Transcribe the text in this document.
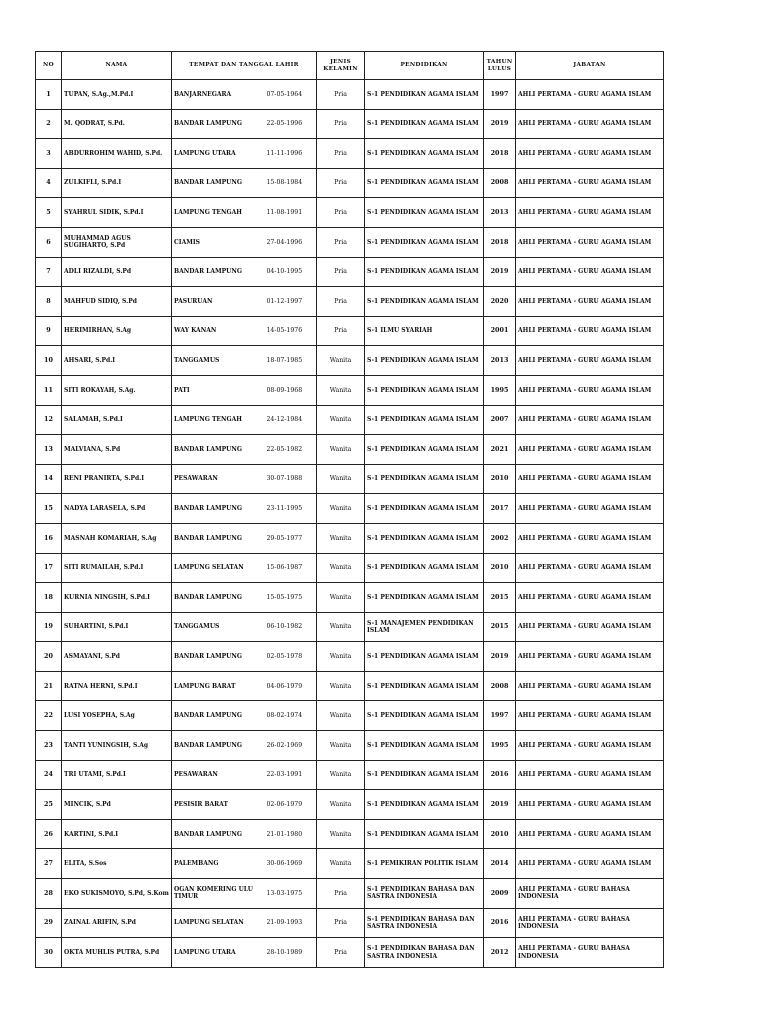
NO	NAMA	TEMPAT DAN TANGGAL LAHIR		JENIS KELAMIN	PENDIDIKAN	TAHUN LULUS	JABATAN
1	TUPAN, S.Ag.,M.Pd.I	BANJARNEGARA	07-05-1964	Pria	S-1 PENDIDIKAN AGAMA ISLAM	1997	AHLI PERTAMA - GURU AGAMA ISLAM
2	M. QODRAT, S.Pd.	BANDAR LAMPUNG	22-05-1996	Pria	S-1 PENDIDIKAN AGAMA ISLAM	2019	AHLI PERTAMA - GURU AGAMA ISLAM
3	ABDURROHIM WAHID, S.Pd.	LAMPUNG UTARA	11-11-1996	Pria	S-1 PENDIDIKAN AGAMA ISLAM	2018	AHLI PERTAMA - GURU AGAMA ISLAM
4	ZULKIFLI, S.Pd.I	BANDAR LAMPUNG	15-08-1984	Pria	S-1 PENDIDIKAN AGAMA ISLAM	2008	AHLI PERTAMA - GURU AGAMA ISLAM
5	SYAHRUL SIDIK, S.Pd.I	LAMPUNG TENGAH	11-08-1991	Pria	S-1 PENDIDIKAN AGAMA ISLAM	2013	AHLI PERTAMA - GURU AGAMA ISLAM
6	MUHAMMAD AGUS SUGIHARTO, S.Pd	CIAMIS	27-04-1996	Pria	S-1 PENDIDIKAN AGAMA ISLAM	2018	AHLI PERTAMA - GURU AGAMA ISLAM
7	ADLI RIZALDI, S.Pd	BANDAR LAMPUNG	04-10-1995	Pria	S-1 PENDIDIKAN AGAMA ISLAM	2019	AHLI PERTAMA - GURU AGAMA ISLAM
8	MAHFUD SIDIQ, S.Pd	PASURUAN	01-12-1997	Pria	S-1 PENDIDIKAN AGAMA ISLAM	2020	AHLI PERTAMA - GURU AGAMA ISLAM
9	HERIMIRHAN, S.Ag	WAY KANAN	14-05-1976	Pria	S-1 ILMU SYARIAH	2001	AHLI PERTAMA - GURU AGAMA ISLAM
10	AHSARI, S.Pd.I	TANGGAMUS	18-07-1985	Wanita	S-1 PENDIDIKAN AGAMA ISLAM	2013	AHLI PERTAMA - GURU AGAMA ISLAM
11	SITI ROKAYAH, S.Ag.	PATI	08-09-1968	Wanita	S-1 PENDIDIKAN AGAMA ISLAM	1995	AHLI PERTAMA - GURU AGAMA ISLAM
12	SALAMAH, S.Pd.I	LAMPUNG TENGAH	24-12-1984	Wanita	S-1 PENDIDIKAN AGAMA ISLAM	2007	AHLI PERTAMA - GURU AGAMA ISLAM
13	MALVIANA, S.Pd	BANDAR LAMPUNG	22-05-1982	Wanita	S-1 PENDIDIKAN AGAMA ISLAM	2021	AHLI PERTAMA - GURU AGAMA ISLAM
14	RENI PRANIRTA, S.Pd.I	PESAWARAN	30-07-1988	Wanita	S-1 PENDIDIKAN AGAMA ISLAM	2010	AHLI PERTAMA - GURU AGAMA ISLAM
15	NADYA LARASELA, S.Pd	BANDAR LAMPUNG	23-11-1995	Wanita	S-1 PENDIDIKAN AGAMA ISLAM	2017	AHLI PERTAMA - GURU AGAMA ISLAM
16	MASNAH KOMARIAH, S.Ag	BANDAR LAMPUNG	29-05-1977	Wanita	S-1 PENDIDIKAN AGAMA ISLAM	2002	AHLI PERTAMA - GURU AGAMA ISLAM
17	SITI RUMAILAH, S.Pd.I	LAMPUNG SELATAN	15-06-1987	Wanita	S-1 PENDIDIKAN AGAMA ISLAM	2010	AHLI PERTAMA - GURU AGAMA ISLAM
18	KURNIA NINGSIH, S.Pd.I	BANDAR LAMPUNG	15-05-1975	Wanita	S-1 PENDIDIKAN AGAMA ISLAM	2015	AHLI PERTAMA - GURU AGAMA ISLAM
19	SUHARTINI, S.Pd.I	TANGGAMUS	06-10-1982	Wanita	S-1 MANAJEMEN PENDIDIKAN ISLAM	2015	AHLI PERTAMA - GURU AGAMA ISLAM
20	ASMAYANI, S.Pd	BANDAR LAMPUNG	02-05-1978	Wanita	S-1 PENDIDIKAN AGAMA ISLAM	2019	AHLI PERTAMA - GURU AGAMA ISLAM
21	RATNA HERNI, S.Pd.I	LAMPUNG BARAT	04-06-1979	Wanita	S-1 PENDIDIKAN AGAMA ISLAM	2008	AHLI PERTAMA - GURU AGAMA ISLAM
22	LUSI YOSEPHA, S.Ag	BANDAR LAMPUNG	08-02-1974	Wanita	S-1 PENDIDIKAN AGAMA ISLAM	1997	AHLI PERTAMA - GURU AGAMA ISLAM
23	TANTI YUNINGSIH, S.Ag	BANDAR LAMPUNG	26-02-1969	Wanita	S-1 PENDIDIKAN AGAMA ISLAM	1995	AHLI PERTAMA - GURU AGAMA ISLAM
24	TRI UTAMI, S.Pd.I	PESAWARAN	22-03-1991	Wanita	S-1 PENDIDIKAN AGAMA ISLAM	2016	AHLI PERTAMA - GURU AGAMA ISLAM
25	MINCIK, S.Pd	PESISIR BARAT	02-06-1979	Wanita	S-1 PENDIDIKAN AGAMA ISLAM	2019	AHLI PERTAMA - GURU AGAMA ISLAM
26	KARTINI, S.Pd.I	BANDAR LAMPUNG	21-01-1980	Wanita	S-1 PENDIDIKAN AGAMA ISLAM	2010	AHLI PERTAMA - GURU AGAMA ISLAM
27	ELITA, S.Sos	PALEMBANG	30-06-1969	Wanita	S-1 PEMIKIRAN POLITIK ISLAM	2014	AHLI PERTAMA - GURU AGAMA ISLAM
28	EKO SUKISMOYO, S.Pd, S.Kom	OGAN KOMERING ULU TIMUR	13-03-1975	Pria	S-1 PENDIDIKAN BAHASA DAN SASTRA INDONESIA	2009	AHLI PERTAMA - GURU BAHASA INDONESIA
29	ZAINAL ARIFIN, S.Pd	LAMPUNG SELATAN	21-09-1993	Pria	S-1 PENDIDIKAN BAHASA DAN SASTRA INDONESIA	2016	AHLI PERTAMA - GURU BAHASA INDONESIA
30	OKTA MUHLIS PUTRA, S.Pd	LAMPUNG UTARA	28-10-1989	Pria	S-1 PENDIDIKAN BAHASA DAN SASTRA INDONESIA	2012	AHLI PERTAMA - GURU BAHASA INDONESIA
